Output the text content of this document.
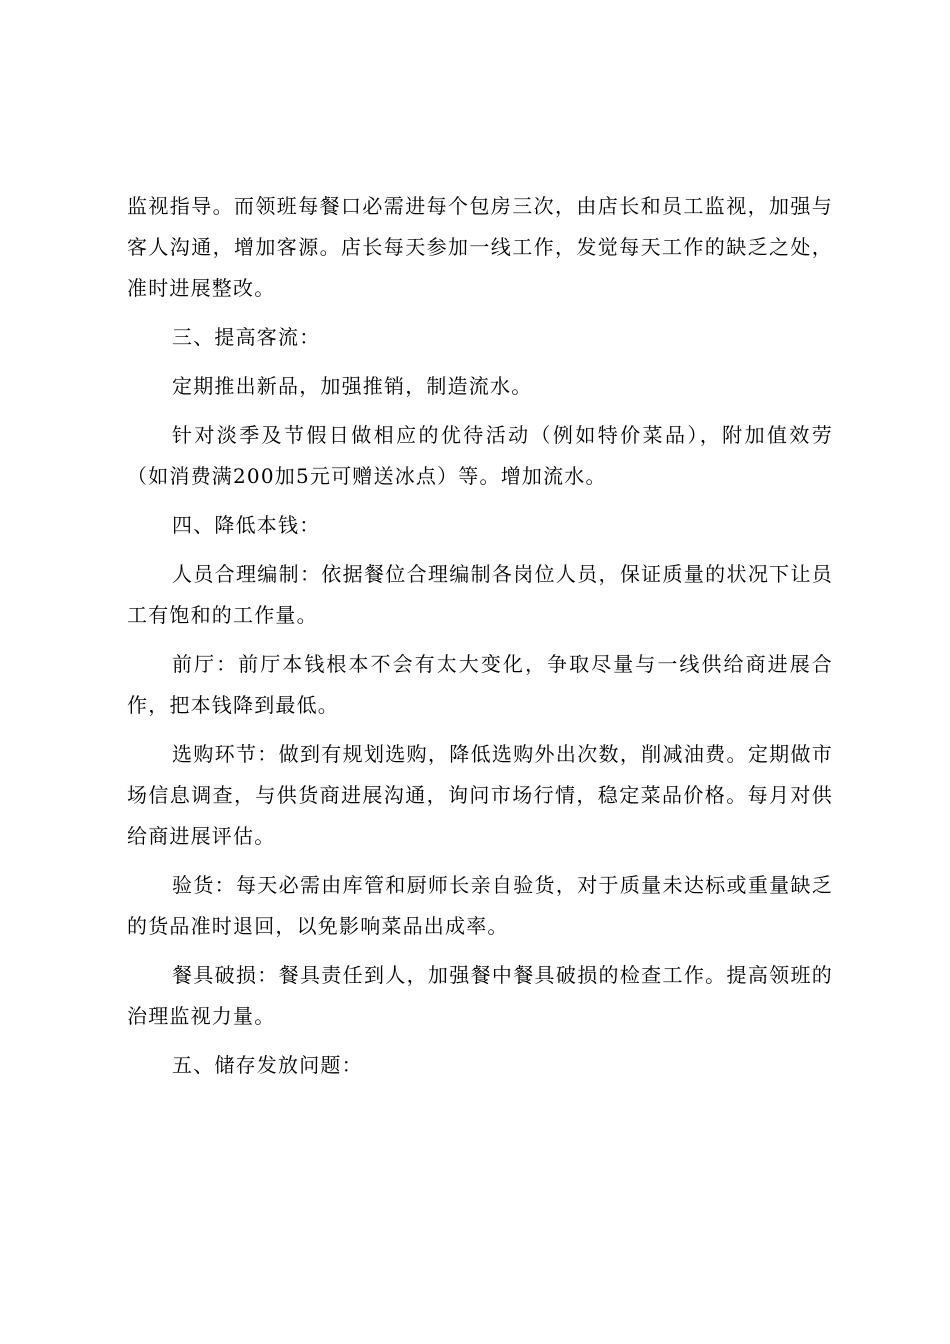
监视指导。而领班每餐口必需进每个包房三次，由店长和员工监视，加强与客人沟通，增加客源。店长每天参加一线工作，发觉每天工作的缺乏之处，准时进展整改。

三、提高客流：

定期推出新品，加强推销，制造流水。

针对淡季及节假日做相应的优待活动（例如特价菜品），附加值效劳（如消费满200加5元可赠送冰点）等。增加流水。

四、降低本钱：

人员合理编制：依据餐位合理编制各岗位人员，保证质量的状况下让员工有饱和的工作量。

前厅：前厅本钱根本不会有太大变化，争取尽量与一线供给商进展合作，把本钱降到最低。

选购环节：做到有规划选购，降低选购外出次数，削减油费。定期做市场信息调查，与供货商进展沟通，询问市场行情，稳定菜品价格。每月对供给商进展评估。

验货：每天必需由库管和厨师长亲自验货，对于质量未达标或重量缺乏的货品准时退回，以免影响菜品出成率。

餐具破损：餐具责任到人，加强餐中餐具破损的检查工作。提高领班的治理监视力量。

五、储存发放问题：
